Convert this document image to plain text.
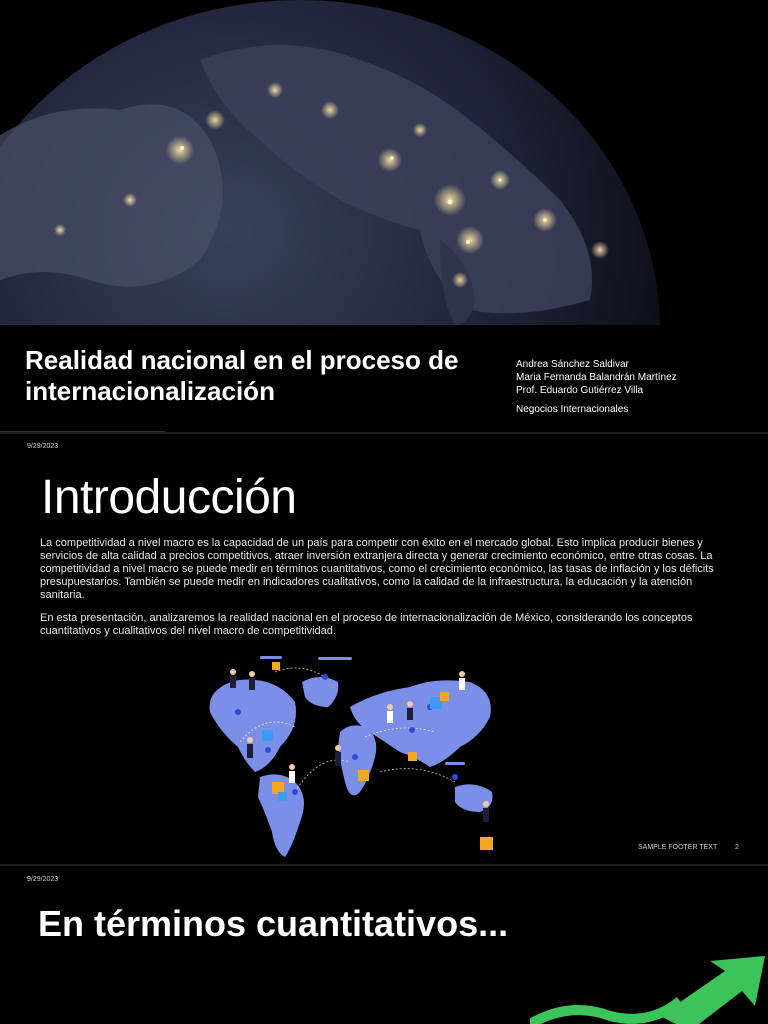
Realidad nacional en el proceso de internacionalización
Andrea Sánchez Saldivar
Maria Fernanda Balandrán Martínez
Prof. Eduardo Gutiérrez Villa
Negocios Internacionales
9/29/2023
Introducción

La competitividad a nivel macro es la capacidad de un país para competir con éxito en el mercado global. Esto implica producir bienes y servicios de alta calidad a precios competitivos, atraer inversión extranjera directa y generar crecimiento económico, entre otras cosas. La competitividad a nivel macro se puede medir en términos cuantitativos, como el crecimiento económico, las tasas de inflación y los déficits presupuestarios. También se puede medir en indicadores cualitativos, como la calidad de la infraestructura, la educación y la atención sanitaria.

En esta presentación, analizaremos la realidad nacional en el proceso de internacionalización de México, considerando los conceptos cuantitativos y cualitativos del nivel macro de competitividad.

SAMPLE FOOTER TEXT	2
9/29/2023
En términos cuantitativos...
